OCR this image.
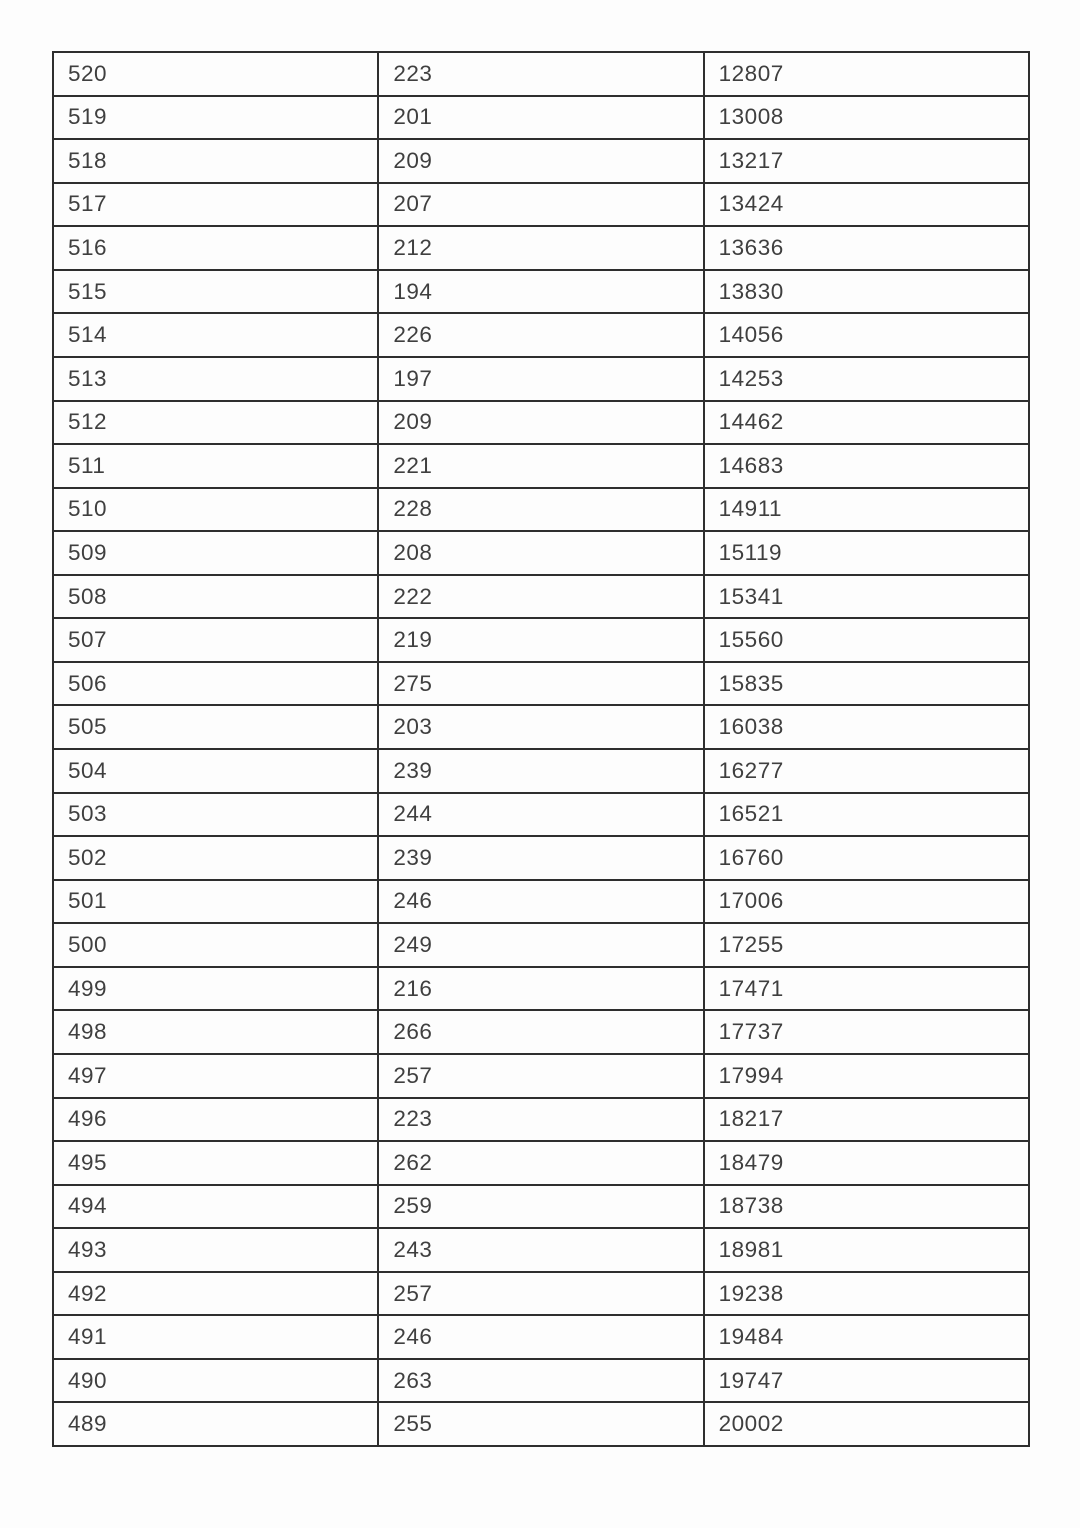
520	223	12807
519	201	13008
518	209	13217
517	207	13424
516	212	13636
515	194	13830
514	226	14056
513	197	14253
512	209	14462
511	221	14683
510	228	14911
509	208	15119
508	222	15341
507	219	15560
506	275	15835
505	203	16038
504	239	16277
503	244	16521
502	239	16760
501	246	17006
500	249	17255
499	216	17471
498	266	17737
497	257	17994
496	223	18217
495	262	18479
494	259	18738
493	243	18981
492	257	19238
491	246	19484
490	263	19747
489	255	20002
